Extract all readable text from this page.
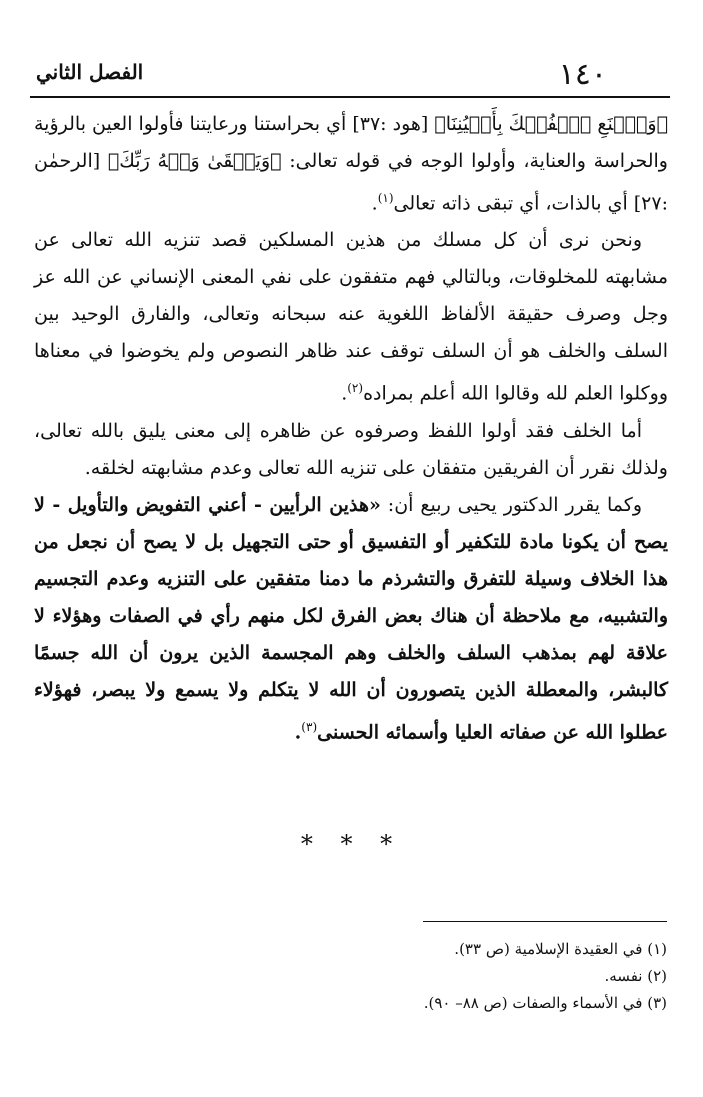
١٤٠
الفصل الثاني

﴿وَٱصۡنَعِ ٱلۡفُلۡكَ بِأَعۡيُنِنَا﴾ [هود :٣٧] أي بحراستنا ورعايتنا فأولوا العين بالرؤية والحراسة والعناية، وأولوا الوجه في قوله تعالى: ﴿وَيَبۡقَىٰ وَجۡهُ رَبِّكَ﴾ [الرحمٰن :٢٧] أي بالذات، أي تبقى ذاته تعالى$^{(١)}$.

ونحن نرى أن كل مسلك من هذين المسلكين قصد تنزيه الله تعالى عن مشابهته للمخلوقات، وبالتالي فهم متفقون على نفي المعنى الإنساني عن الله عز وجل وصرف حقيقة الألفاظ اللغوية عنه سبحانه وتعالى، والفارق الوحيد بين السلف والخلف هو أن السلف توقف عند ظاهر النصوص ولم يخوضوا في معناها ووكلوا العلم لله وقالوا الله أعلم بمراده$^{(٢)}$.

أما الخلف فقد أولوا اللفظ وصرفوه عن ظاهره إلى معنى يليق بالله تعالى، ولذلك نقرر أن الفريقين متفقان على تنزيه الله تعالى وعدم مشابهته لخلقه.

وكما يقرر الدكتور يحيى ربيع أن: «هذين الرأيين - أعني التفويض والتأويل - لا يصح أن يكونا مادة للتكفير أو التفسيق أو حتى التجهيل بل لا يصح أن نجعل من هذا الخلاف وسيلة للتفرق والتشرذم ما دمنا متفقين على التنزيه وعدم التجسيم والتشبيه، مع ملاحظة أن هناك بعض الفرق لكل منهم رأي في الصفات وهؤلاء لا علاقة لهم بمذهب السلف والخلف وهم المجسمة الذين يرون أن الله جسمًا كالبشر، والمعطلة الذين يتصورون أن الله لا يتكلم ولا يسمع ولا يبصر، فهؤلاء عطلوا الله عن صفاته العليا وأسمائه الحسنى$^{(٣)}$.

* * *
(١) في العقيدة الإسلامية (ص ٣٣).
(٢) نفسه.
(٣) في الأسماء والصفات (ص ٨٨– ٩٠).
